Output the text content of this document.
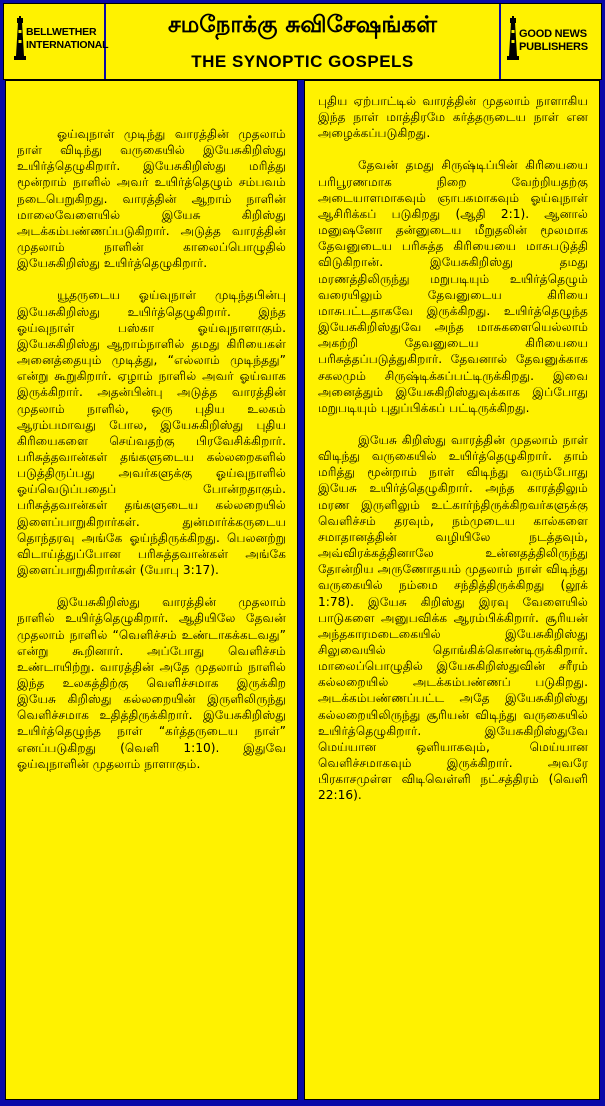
BELLWETHER
INTERNATIONAL
சமநோக்கு சுவிசேஷங்கள்
THE SYNOPTIC GOSPELS
GOOD NEWS
PUBLISHERS

ஓய்வுநாள் முடிந்து வாரத்தின் முதலாம் நாள் விடிந்து வருகையில் இயேசுகிறிஸ்து உயிர்த்தெழுகிறார். இயேசுகிறிஸ்து மரித்து மூன்றாம் நாளில் அவர் உயிர்த்தெழும் சம்பவம் நடைபெறுகிறது. வாரத்தின் ஆறாம் நாளின் மாலைவேளையில் இயேசு கிறிஸ்து அடக்கம்பண்ணப்படுகிறார். அடுத்த வாரத்தின் முதலாம் நாளின் காலைப்பொழுதில் இயேசுகிறிஸ்து உயிர்த்தெழுகிறார்.

யூதருடைய ஓய்வுநாள் முடிந்தபின்பு இயேசுகிறிஸ்து உயிர்த்தெழுகிறார். இந்த ஓய்வுநாள் பஸ்கா ஓய்வுநாளாகும். இயேசுகிறிஸ்து ஆறாம்நாளில் தமது கிரியைகள் அனைத்தையும் முடித்து, “எல்லாம் முடிந்தது” என்று கூறுகிறார். ஏழாம் நாளில் அவர் ஓய்வாக இருக்கிறார். அதன்பின்பு அடுத்த வாரத்தின் முதலாம் நாளில், ஒரு புதிய உலகம் ஆரம்பமாவது போல, இயேசுகிறிஸ்து புதிய கிரியைகளை செய்வதற்கு பிரவேசிக்கிறார். பரிசுத்தவான்கள் தங்களுடைய கல்லறைகளில் படுத்திருப்பது அவர்களுக்கு ஓய்வுநாளில் ஓய்வெடுப்பதைப் போன்றதாகும். பரிசுத்தவான்கள் தங்களுடைய கல்லறையில் இளைப்பாறுகிறார்கள். துன்மார்க்கருடைய தொந்தரவு அங்கே ஓய்ந்திருக்கிறது. பெலனற்று விடாய்த்துப்போன பரிசுத்தவான்கள் அங்கே இளைப்பாறுகிறார்கள் (யோபு 3:17).

இயேசுகிறிஸ்து வாரத்தின் முதலாம் நாளில் உயிர்த்தெழுகிறார். ஆதியிலே தேவன் முதலாம் நாளில் “வெளிச்சம் உண்டாகக்கடவது” என்று கூறினார். அப்போது வெளிச்சம் உண்டாயிற்று. வாரத்தின் அதே முதலாம் நாளில் இந்த உலகத்திற்கு வெளிச்சமாக இருக்கிற இயேசு கிறிஸ்து கல்லறையின் இருளிலிருந்து வெளிச்சமாக உதித்திருக்கிறார். இயேசுகிறிஸ்து உயிர்த்தெழுந்த நாள் “கர்த்தருடைய நாள்” எனப்படுகிறது (வெளி 1:10). இதுவே ஓய்வுநாளின் முதலாம் நாளாகும்.

புதிய ஏற்பாட்டில் வாரத்தின் முதலாம் நாளாகிய இந்த நாள் மாத்திரமே கர்த்தருடைய நாள் என அழைக்கப்படுகிறது.

தேவன் தமது சிருஷ்டிப்பின் கிரியையை பரிபூரணமாக நிறை வேற்றியதற்கு அடையாளமாகவும் ஞாபகமாகவும் ஓய்வுநாள் ஆசிரிக்கப் படுகிறது (ஆதி 2:1). ஆனால் மனுஷனோ தன்னுடைய மீறுதலின் மூலமாக தேவனுடைய பரிசுத்த கிரியையை மாசுபடுத்தி விடுகிறான். இயேசுகிறிஸ்து தமது மரணத்திலிருந்து மறுபடியும் உயிர்த்தெழும் வரையிலும் தேவனுடைய கிரியை மாசுபட்டதாகவே இருக்கிறது. உயிர்த்தெழுந்த இயேசுகிறிஸ்துவே அந்த மாசுகளையெல்லாம் அகற்றி தேவனுடைய கிரியையை பரிசுத்தப்படுத்துகிறார். தேவனால் தேவனுக்காக சகலமும் சிருஷ்டிக்கப்பட்டிருக்கிறது. இவை அனைத்தும் இயேசுகிறிஸ்துவுக்காக இப்போது மறுபடியும் புதுப்பிக்கப் பட்டிருக்கிறது.

இயேசு கிறிஸ்து வாரத்தின் முதலாம் நாள் விடிந்து வருகையில் உயிர்த்தெழுகிறார். தாம் மரித்து மூன்றாம் நாள் விடிந்து வரும்போது இயேசு உயிர்த்தெழுகிறார். அந்த காரத்திலும் மரண இருளிலும் உட்கார்ந்திருக்கிறவர்களுக்கு வெளிச்சம் தரவும், நம்முடைய கால்களை சமாதானத்தின் வழியிலே நடத்தவும், அவ்விரக்கத்தினாலே உன்னதத்திலிருந்து தோன்றிய அருணோதயம் முதலாம் நாள் விடிந்து வருகையில் நம்மை சந்தித்திருக்கிறது (லூக் 1:78). இயேசு கிறிஸ்து இரவு வேளையில் பாடுகளை அனுபவிக்க ஆரம்பிக்கிறார். சூரியன் அந்தகாரமடைகையில் இயேசுகிறிஸ்து சிலுவையில் தொங்கிக்கொண்டிருக்கிறார். மாலைப்பொழுதில் இயேசுகிறிஸ்துவின் சரீரம் கல்லறையில் அடக்கம்பண்ணப் படுகிறது. அடக்கம்பண்ணப்பட்ட அதே இயேசுகிறிஸ்து கல்லறையிலிருந்து சூரியன் விடிந்து வருகையில் உயிர்த்தெழுகிறார். இயேசுகிறிஸ்துவே மெய்யான ஒளியாகவும், மெய்யான வெளிச்சமாகவும் இருக்கிறார். அவரே பிரகாசமுள்ள விடிவெள்ளி நட்சத்திரம் (வெளி 22:16).
